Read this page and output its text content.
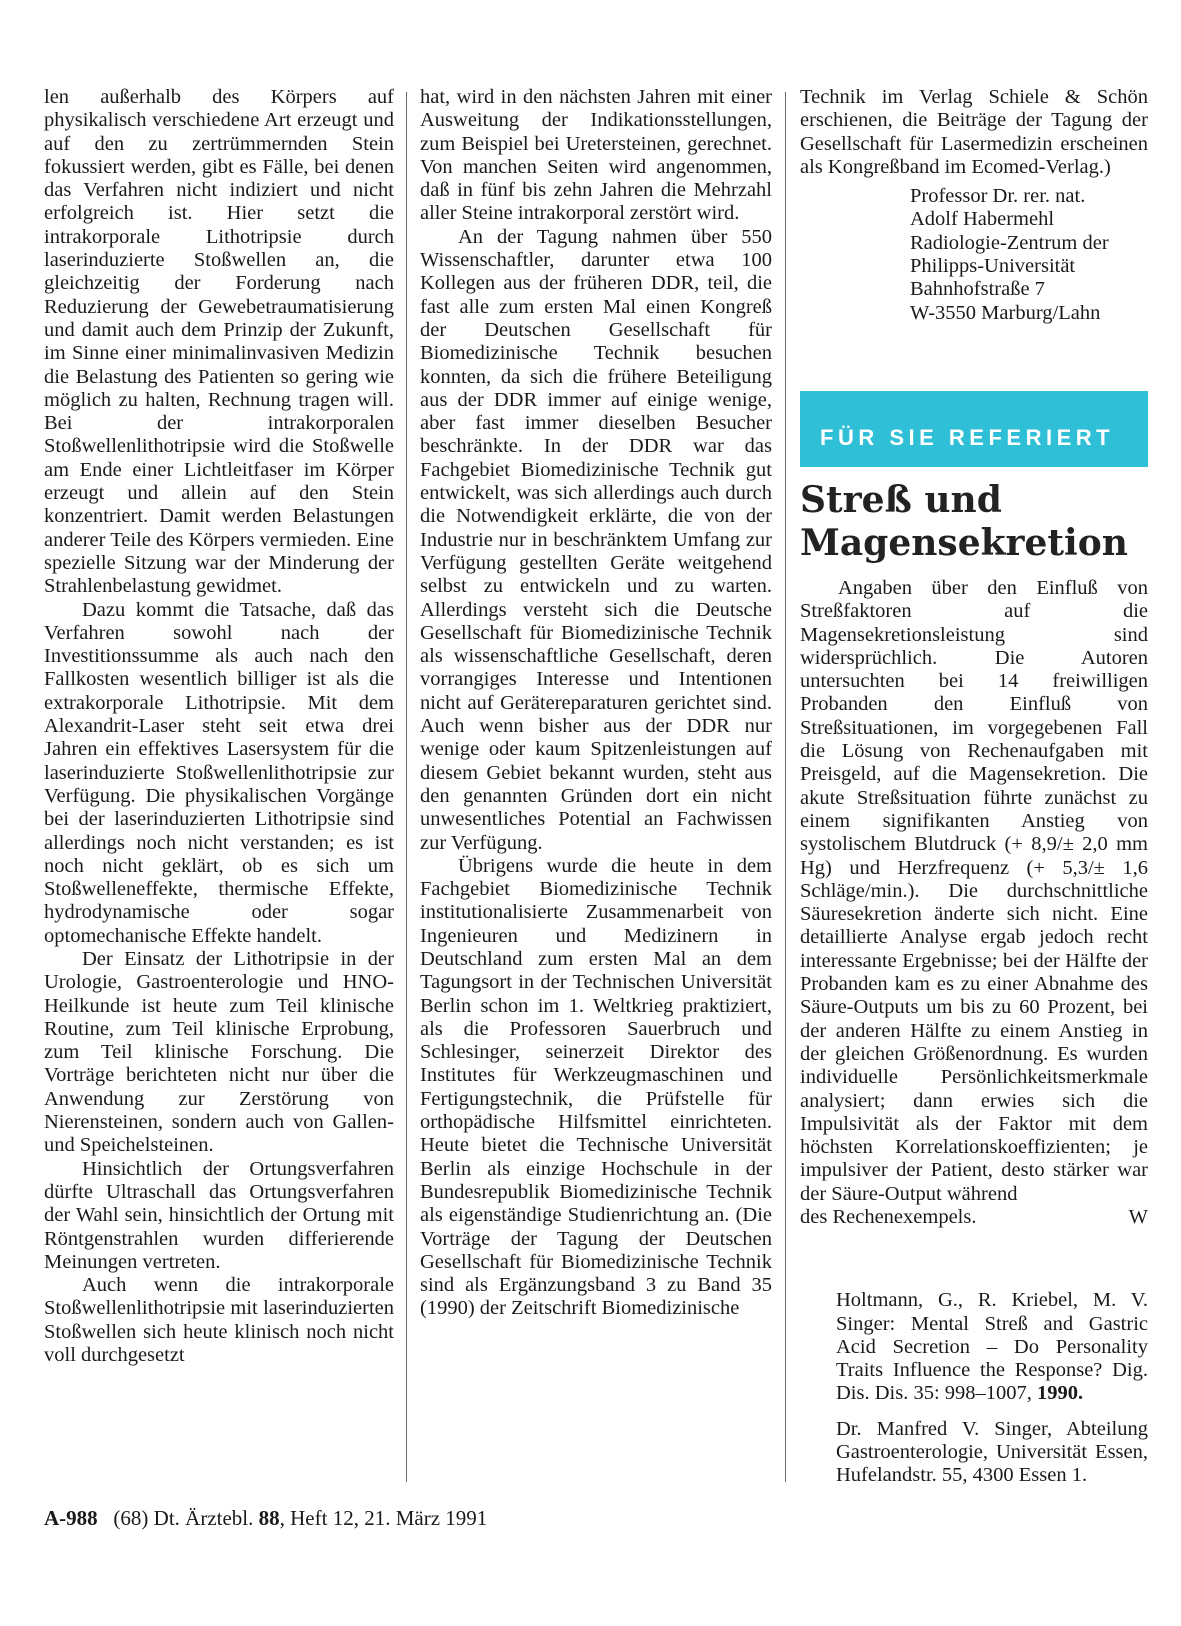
len außerhalb des Körpers auf physikalisch verschiedene Art erzeugt und auf den zu zertrümmernden Stein fokussiert werden, gibt es Fälle, bei denen das Verfahren nicht indiziert und nicht erfolgreich ist. Hier setzt die intrakorporale Lithotripsie durch laserinduzierte Stoßwellen an, die gleichzeitig der Forderung nach Reduzierung der Gewebetraumatisierung und damit auch dem Prinzip der Zukunft, im Sinne einer minimalinvasiven Medizin die Belastung des Patienten so gering wie möglich zu halten, Rechnung tragen will. Bei der intrakorporalen Stoßwellenlithotripsie wird die Stoßwelle am Ende einer Lichtleitfaser im Körper erzeugt und allein auf den Stein konzentriert. Damit werden Belastungen anderer Teile des Körpers vermieden. Eine spezielle Sitzung war der Minderung der Strahlenbelastung gewidmet.

Dazu kommt die Tatsache, daß das Verfahren sowohl nach der Investitionssumme als auch nach den Fallkosten wesentlich billiger ist als die extrakorporale Lithotripsie. Mit dem Alexandrit-Laser steht seit etwa drei Jahren ein effektives Lasersystem für die laserinduzierte Stoßwellenlithotripsie zur Verfügung. Die physikalischen Vorgänge bei der laserinduzierten Lithotripsie sind allerdings noch nicht verstanden; es ist noch nicht geklärt, ob es sich um Stoßwelleneffekte, thermische Effekte, hydrodynamische oder sogar optomechanische Effekte handelt.

Der Einsatz der Lithotripsie in der Urologie, Gastroenterologie und HNO-Heilkunde ist heute zum Teil klinische Routine, zum Teil klinische Erprobung, zum Teil klinische Forschung. Die Vorträge berichteten nicht nur über die Anwendung zur Zerstörung von Nierensteinen, sondern auch von Gallen- und Speichelsteinen.

Hinsichtlich der Ortungsverfahren dürfte Ultraschall das Ortungsverfahren der Wahl sein, hinsichtlich der Ortung mit Röntgenstrahlen wurden differierende Meinungen vertreten.

Auch wenn die intrakorporale Stoßwellenlithotripsie mit laserinduzierten Stoßwellen sich heute klinisch noch nicht voll durchgesetzt

hat, wird in den nächsten Jahren mit einer Ausweitung der Indikationsstellungen, zum Beispiel bei Uretersteinen, gerechnet. Von manchen Seiten wird angenommen, daß in fünf bis zehn Jahren die Mehrzahl aller Steine intrakorporal zerstört wird.

An der Tagung nahmen über 550 Wissenschaftler, darunter etwa 100 Kollegen aus der früheren DDR, teil, die fast alle zum ersten Mal einen Kongreß der Deutschen Gesellschaft für Biomedizinische Technik besuchen konnten, da sich die frühere Beteiligung aus der DDR immer auf einige wenige, aber fast immer dieselben Besucher beschränkte. In der DDR war das Fachgebiet Biomedizinische Technik gut entwickelt, was sich allerdings auch durch die Notwendigkeit erklärte, die von der Industrie nur in beschränktem Umfang zur Verfügung gestellten Geräte weitgehend selbst zu entwickeln und zu warten. Allerdings versteht sich die Deutsche Gesellschaft für Biomedizinische Technik als wissenschaftliche Gesellschaft, deren vorrangiges Interesse und Intentionen nicht auf Gerätereparaturen gerichtet sind. Auch wenn bisher aus der DDR nur wenige oder kaum Spitzenleistungen auf diesem Gebiet bekannt wurden, steht aus den genannten Gründen dort ein nicht unwesentliches Potential an Fachwissen zur Verfügung.

Übrigens wurde die heute in dem Fachgebiet Biomedizinische Technik institutionalisierte Zusammenarbeit von Ingenieuren und Medizinern in Deutschland zum ersten Mal an dem Tagungsort in der Technischen Universität Berlin schon im 1. Weltkrieg praktiziert, als die Professoren Sauerbruch und Schlesinger, seinerzeit Direktor des Institutes für Werkzeugmaschinen und Fertigungstechnik, die Prüfstelle für orthopädische Hilfsmittel einrichteten. Heute bietet die Technische Universität Berlin als einzige Hochschule in der Bundesrepublik Biomedizinische Technik als eigenständige Studienrichtung an. (Die Vorträge der Tagung der Deutschen Gesellschaft für Biomedizinische Technik sind als Ergänzungsband 3 zu Band 35 (1990) der Zeitschrift Biomedizinische

Technik im Verlag Schiele & Schön erschienen, die Beiträge der Tagung der Gesellschaft für Lasermedizin erscheinen als Kongreßband im Ecomed-Verlag.)

Professor Dr. rer. nat.
Adolf Habermehl
Radiologie-Zentrum der
Philipps-Universität
Bahnhofstraße 7
W-3550 Marburg/Lahn
FÜR SIE REFERIERT
Streß und Magensekretion

Angaben über den Einfluß von Streßfaktoren auf die Magensekretionsleistung sind widersprüchlich. Die Autoren untersuchten bei 14 freiwilligen Probanden den Einfluß von Streßsituationen, im vorgegebenen Fall die Lösung von Rechenaufgaben mit Preisgeld, auf die Magensekretion. Die akute Streßsituation führte zunächst zu einem signifikanten Anstieg von systolischem Blutdruck (+ 8,9/± 2,0 mm Hg) und Herzfrequenz (+ 5,3/± 1,6 Schläge/min.). Die durchschnittliche Säuresekretion änderte sich nicht. Eine detaillierte Analyse ergab jedoch recht interessante Ergebnisse; bei der Hälfte der Probanden kam es zu einer Abnahme des Säure-Outputs um bis zu 60 Prozent, bei der anderen Hälfte zu einem Anstieg in der gleichen Größenordnung. Es wurden individuelle Persönlichkeitsmerkmale analysiert; dann erwies sich die Impulsivität als der Faktor mit dem höchsten Korrelationskoeffizienten; je impulsiver der Patient, desto stärker war der Säure-Output während

des Rechenexempels.	W

Holtmann, G., R. Kriebel, M. V. Singer: Mental Streß and Gastric Acid Secretion – Do Personality Traits Influence the Response? Dig. Dis. Dis. 35: 998–1007, 1990.

Dr. Manfred V. Singer, Abteilung Gastroenterologie, Universität Essen, Hufelandstr. 55, 4300 Essen 1.

A-988 (68) Dt. Ärztebl. 88, Heft 12, 21. März 1991
